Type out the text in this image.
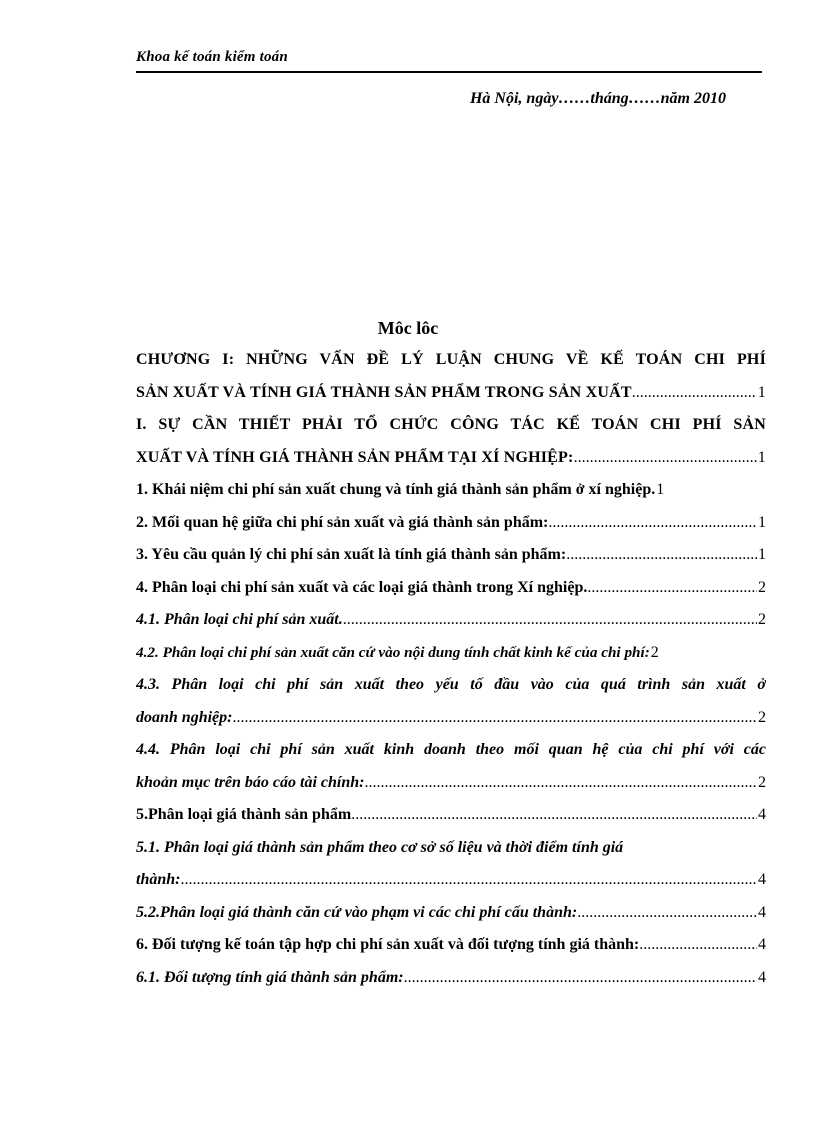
Khoa kế toán kiểm toán
Hà Nội, ngày……tháng……năm 2010
Môc lôc
CHƯƠNG I: NHỮNG VẤN ĐỀ LÝ LUẬN CHUNG VỀ KẾ TOÁN CHI PHÍ
SẢN XUẤT VÀ TÍNH GIÁ THÀNH SẢN PHẨM TRONG SẢN XUẤT .....	1
I. SỰ CẦN THIẾT PHẢI TỔ CHỨC CÔNG TÁC KẾ TOÁN CHI PHÍ SẢN
XUẤT VÀ TÍNH GIÁ THÀNH SẢN PHẨM TẠI XÍ NGHIỆP: .....	1
1. Khái niệm chi phí sản xuất chung và tính giá thành sản phẩm ở xí nghiệp. 1
2. Mối quan hệ giữa chi phí sản xuất và giá thành sản phẩm: .....	1
3. Yêu cầu quản lý chi phí sản xuất là tính giá thành sản phẩm: .....	1
4. Phân loại chi phí sản xuất và các loại giá thành trong Xí nghiệp. .....	2
4.1. Phân loại chi phí sản xuất. .....	2
4.2. Phân loại chi phí sản xuất căn cứ vào nội dung tính chất kinh kế của chi phí: 2
4.3. Phân loại chi phí sản xuất theo yếu tố đầu vào của quá trình sản xuất ở
doanh nghiệp: .....	2
4.4. Phân loại chi phí sản xuất kinh doanh theo mối quan hệ của chi phí với các
khoản mục trên báo cáo tài chính: .....	2
5.Phân loại giá thành sản phẩm .....	4
5.1. Phân loại giá thành sản phẩm theo cơ sở số liệu và thời điểm tính giá
thành: .....	4
5.2.Phân loại giá thành căn cứ vào phạm vi các chi phí cấu thành: .....	4
6. Đối tượng kế toán tập hợp chi phí sản xuất và đối tượng tính giá thành: .....	4
6.1. Đối tượng tính giá thành sản phẩm: .....	4
